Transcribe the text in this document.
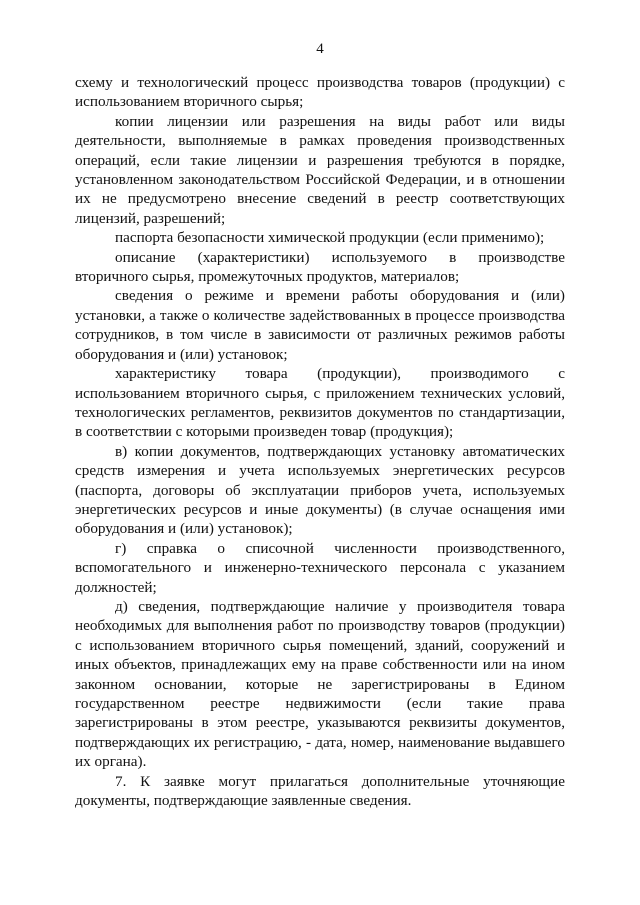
4

схему и технологический процесс производства товаров (продукции) с использованием вторичного сырья;

копии лицензии или разрешения на виды работ или виды деятельности, выполняемые в рамках проведения производственных операций, если такие лицензии и разрешения требуются в порядке, установленном законодательством Российской Федерации, и в отношении их не предусмотрено внесение сведений в реестр соответствующих лицензий, разрешений;

паспорта безопасности химической продукции (если применимо);

описание (характеристики) используемого в производстве вторичного сырья, промежуточных продуктов, материалов;

сведения о режиме и времени работы оборудования и (или) установки, а также о количестве задействованных в процессе производства сотрудников, в том числе в зависимости от различных режимов работы оборудования и (или) установок;

характеристику товара (продукции), производимого с использованием вторичного сырья, с приложением технических условий, технологических регламентов, реквизитов документов по стандартизации, в соответствии с которыми произведен товар (продукция);

в) копии документов, подтверждающих установку автоматических средств измерения и учета используемых энергетических ресурсов (паспорта, договоры об эксплуатации приборов учета, используемых энергетических ресурсов и иные документы) (в случае оснащения ими оборудования и (или) установок);

г) справка о списочной численности производственного, вспомогательного и инженерно-технического персонала с указанием должностей;

д) сведения, подтверждающие наличие у производителя товара необходимых для выполнения работ по производству товаров (продукции) с использованием вторичного сырья помещений, зданий, сооружений и иных объектов, принадлежащих ему на праве собственности или на ином законном основании, которые не зарегистрированы в Едином государственном реестре недвижимости (если такие права зарегистрированы в этом реестре, указываются реквизиты документов, подтверждающих их регистрацию, - дата, номер, наименование выдавшего их органа).

7. К заявке могут прилагаться дополнительные уточняющие документы, подтверждающие заявленные сведения.
